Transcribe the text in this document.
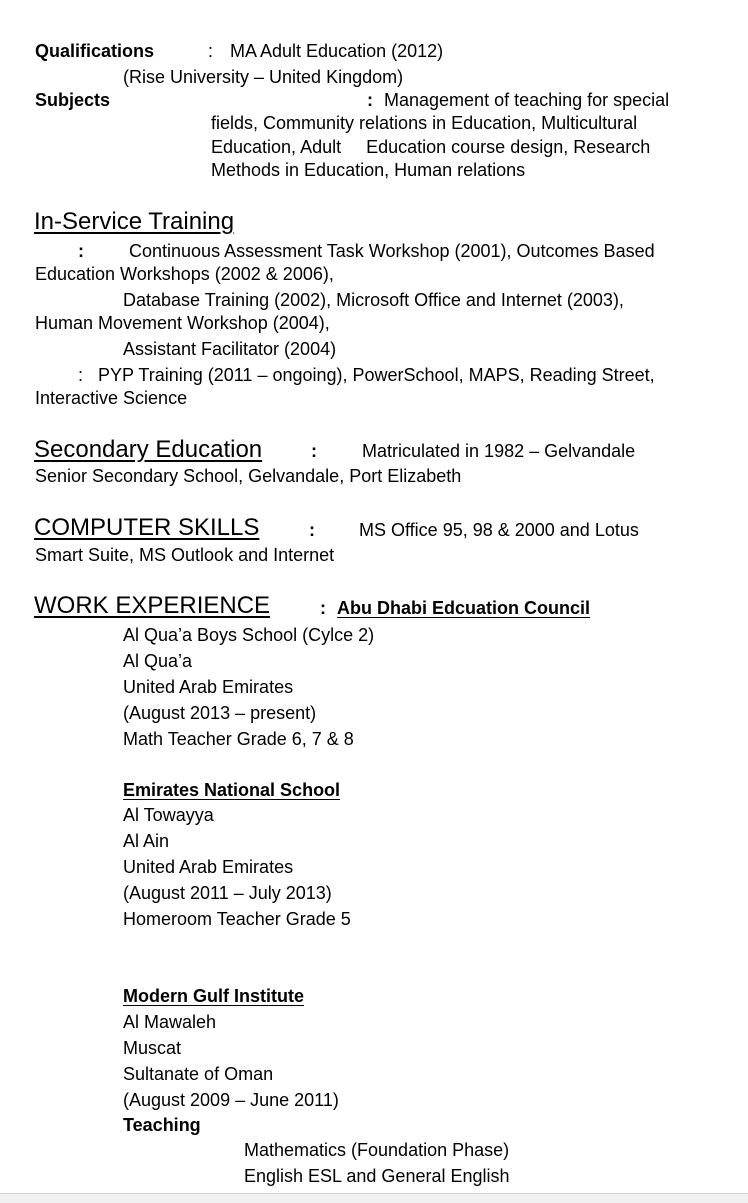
Qualifications	: MA Adult Education (2012)
(Rise University – United Kingdom)
Subjects	: Management of teaching for special
fields, Community relations in Education, Multicultural
Education, Adult     Education course design, Research
Methods in Education, Human relations
In-Service Training
:	Continuous Assessment Task Workshop (2001), Outcomes Based
Education Workshops (2002 & 2006),
Database Training (2002), Microsoft Office and Internet (2003),
Human Movement Workshop (2004),
Assistant Facilitator (2004)
:   PYP Training (2011 – ongoing), PowerSchool, MAPS, Reading Street,
Interactive Science
Secondary Education	:	Matriculated in 1982 – Gelvandale
Senior Secondary School, Gelvandale, Port Elizabeth
COMPUTER SKILLS	: MS Office 95, 98 & 2000 and Lotus
Smart Suite, MS Outlook and Internet
WORK EXPERIENCE	: Abu Dhabi Edcuation Council
Al Qua’a Boys School (Cylce 2)
Al Qua’a
United Arab Emirates
(August 2013 – present)
Math Teacher Grade 6, 7 & 8
Emirates National School
Al Towayya
Al Ain
United Arab Emirates
(August 2011 – July 2013)
Homeroom Teacher Grade 5
Modern Gulf Institute
Al Mawaleh
Muscat
Sultanate of Oman
(August 2009 – June 2011)
Teaching
Mathematics (Foundation Phase)
English ESL and General English
